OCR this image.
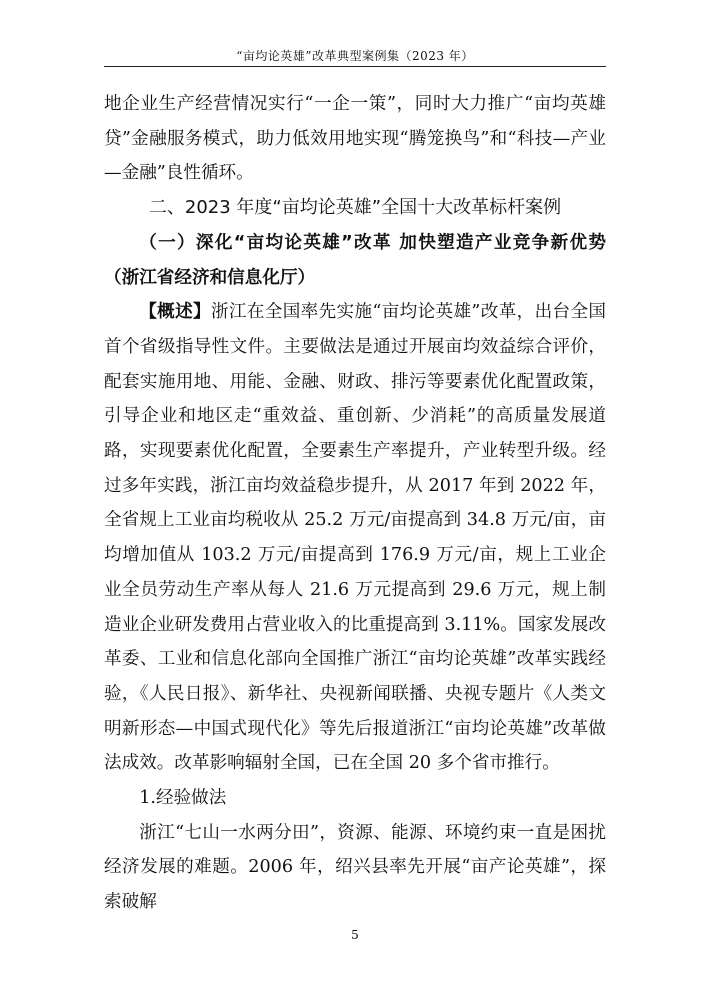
“亩均论英雄”改革典型案例集（2023 年）

地企业生产经营情况实行“一企一策”，同时大力推广“亩均英雄贷”金融服务模式，助力低效用地实现“腾笼换鸟”和“科技—产业—金融”良性循环。

二、2023 年度“亩均论英雄”全国十大改革标杆案例

（一）深化“亩均论英雄”改革 加快塑造产业竞争新优势（浙江省经济和信息化厅）

【概述】浙江在全国率先实施“亩均论英雄”改革，出台全国首个省级指导性文件。主要做法是通过开展亩均效益综合评价，配套实施用地、用能、金融、财政、排污等要素优化配置政策，引导企业和地区走“重效益、重创新、少消耗”的高质量发展道路，实现要素优化配置，全要素生产率提升，产业转型升级。经过多年实践，浙江亩均效益稳步提升，从 2017 年到 2022 年，全省规上工业亩均税收从 25.2 万元/亩提高到 34.8 万元/亩，亩均增加值从 103.2 万元/亩提高到 176.9 万元/亩，规上工业企业全员劳动生产率从每人 21.6 万元提高到 29.6 万元，规上制造业企业研发费用占营业收入的比重提高到 3.11%。国家发展改革委、工业和信息化部向全国推广浙江“亩均论英雄”改革实践经验，《人民日报》、新华社、央视新闻联播、央视专题片《人类文明新形态—中国式现代化》等先后报道浙江“亩均论英雄”改革做法成效。改革影响辐射全国，已在全国 20 多个省市推行。

1.经验做法

浙江“七山一水两分田”，资源、能源、环境约束一直是困扰经济发展的难题。2006 年，绍兴县率先开展“亩产论英雄”，探索破解

5
